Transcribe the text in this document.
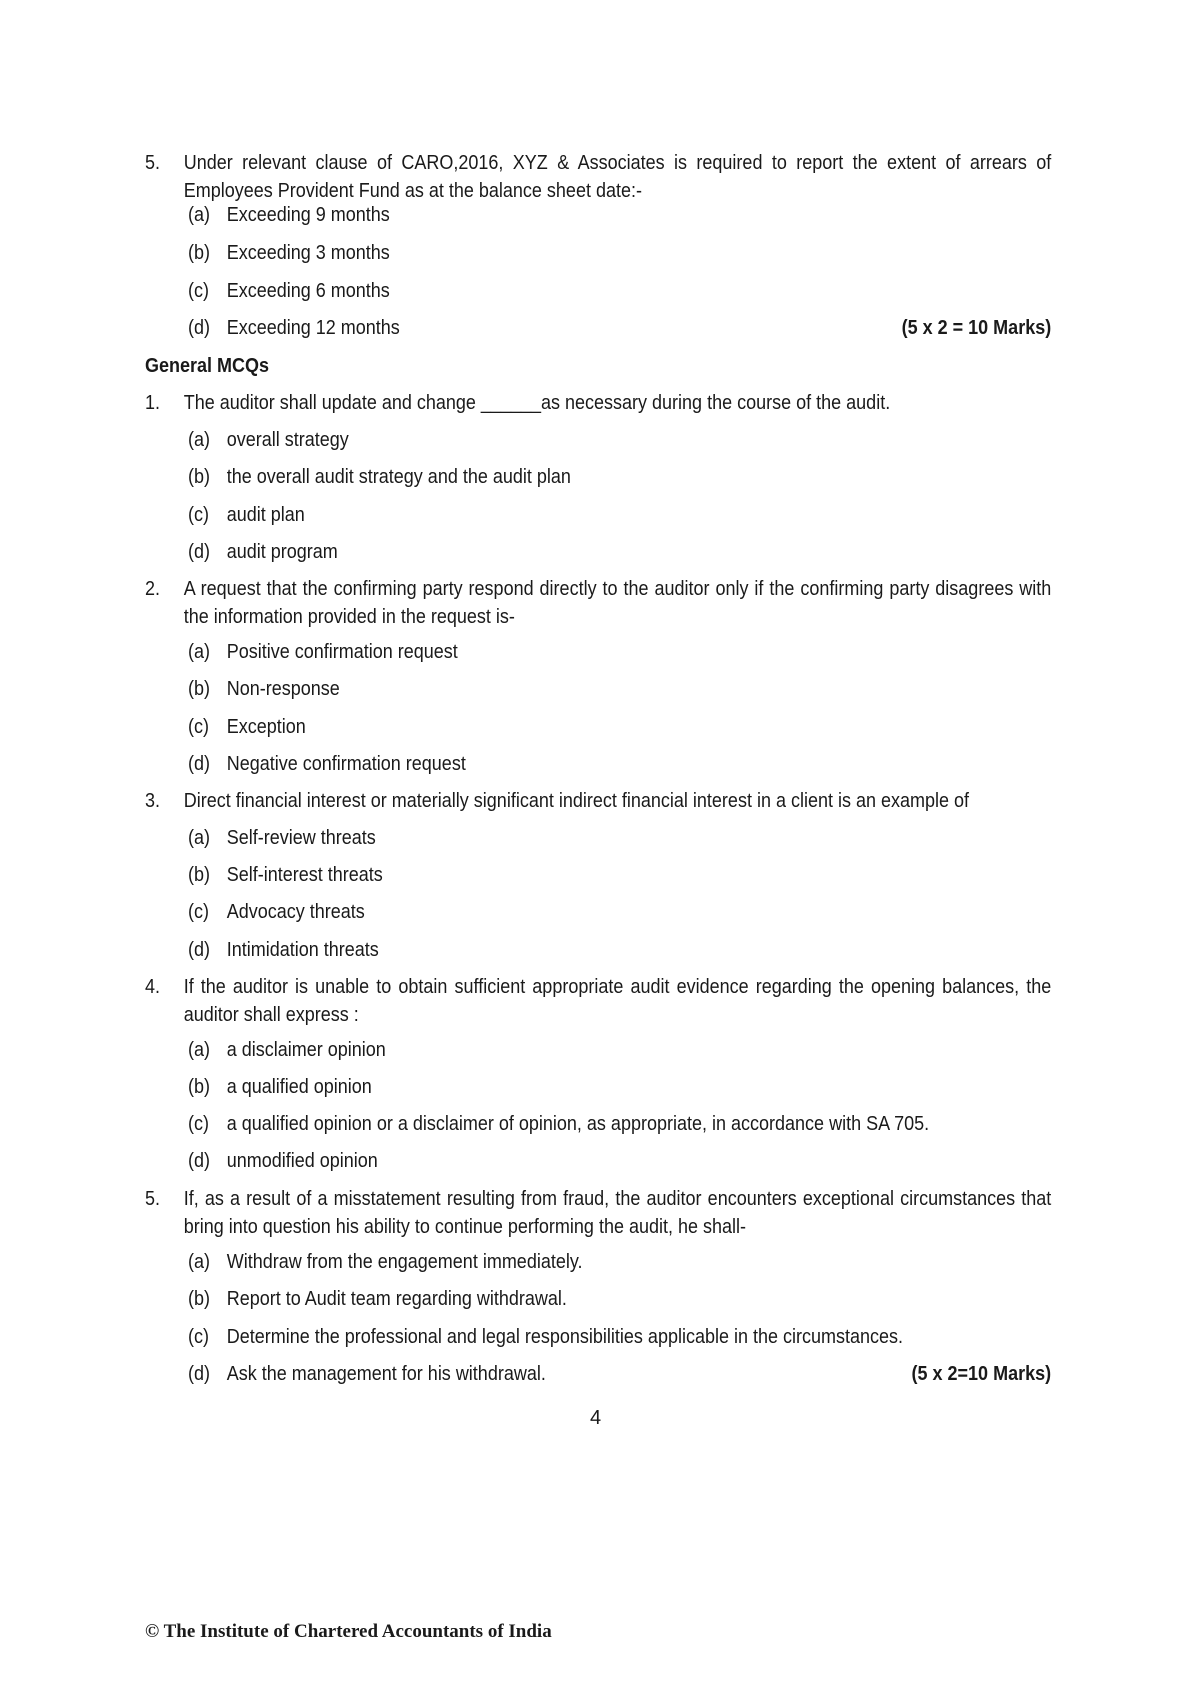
5. Under relevant clause of CARO,2016, XYZ & Associates is required to report the extent of arrears of Employees Provident Fund as at the balance sheet date:-
(a) Exceeding 9 months
(b) Exceeding 3 months
(c) Exceeding 6 months
(d) Exceeding 12 months	(5 x 2 = 10 Marks)
General MCQs
1. The auditor shall update and change ______as necessary during the course of the audit.
(a) overall strategy
(b) the overall audit strategy and the audit plan
(c) audit plan
(d) audit program
2. A request that the confirming party respond directly to the auditor only if the confirming party disagrees with the information provided in the request is-
(a) Positive confirmation request
(b) Non-response
(c) Exception
(d) Negative confirmation request
3. Direct financial interest or materially significant indirect financial interest in a client is an example of
(a) Self-review threats
(b) Self-interest threats
(c) Advocacy threats
(d) Intimidation threats
4. If the auditor is unable to obtain sufficient appropriate audit evidence regarding the opening balances, the auditor shall express :
(a) a disclaimer opinion
(b) a qualified opinion
(c) a qualified opinion or a disclaimer of opinion, as appropriate, in accordance with SA 705.
(d) unmodified opinion
5. If, as a result of a misstatement resulting from fraud, the auditor encounters exceptional circumstances that bring into question his ability to continue performing the audit, he shall-
(a) Withdraw from the engagement immediately.
(b) Report to Audit team regarding withdrawal.
(c) Determine the professional and legal responsibilities applicable in the circumstances.
(d) Ask the management for his withdrawal.	(5 x 2=10 Marks)
4
© The Institute of Chartered Accountants of India
